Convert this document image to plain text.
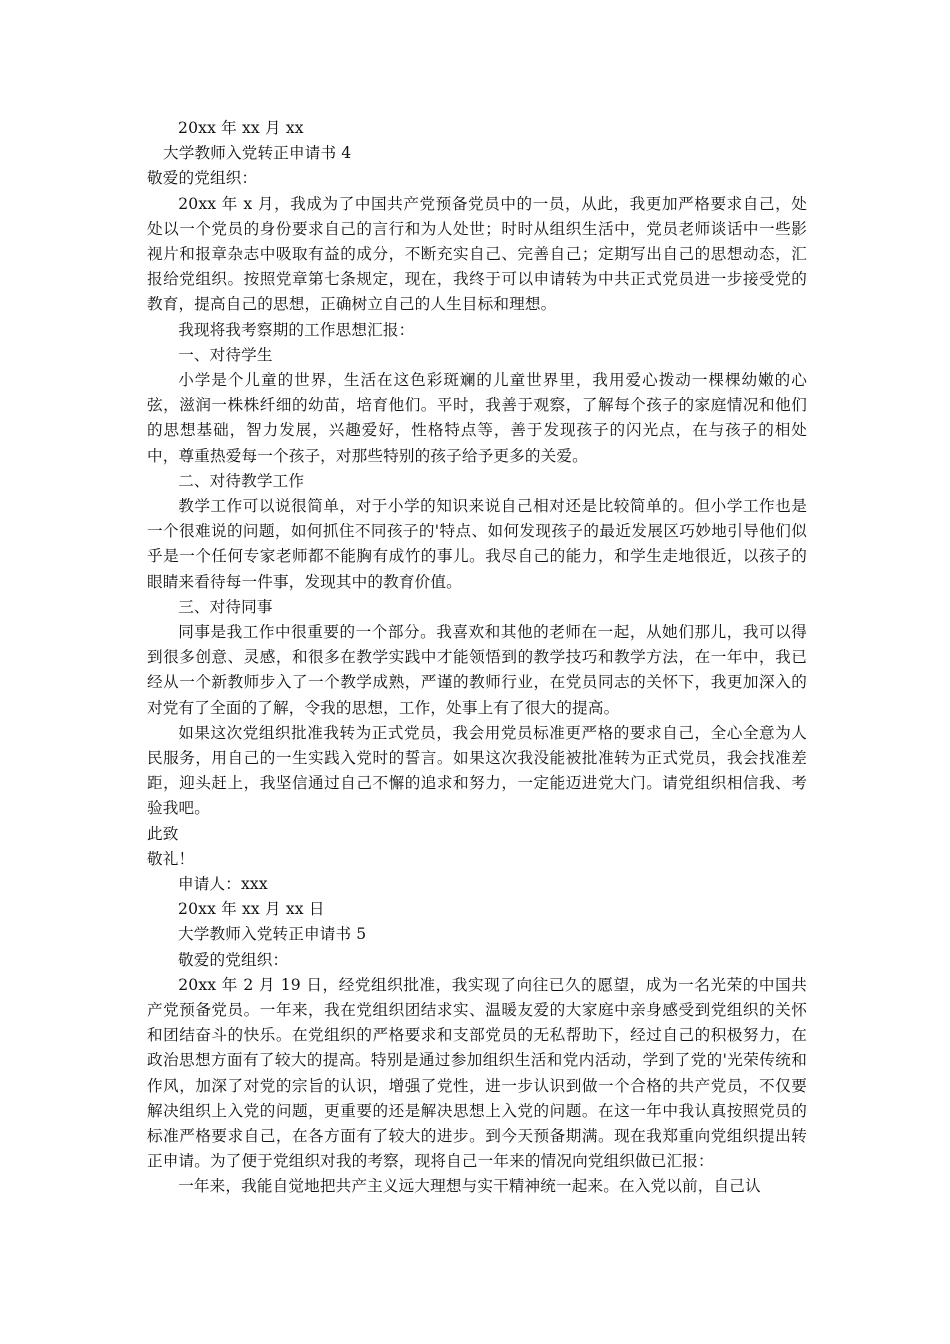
20xx 年 xx 月 xx
大学教师入党转正申请书 4
敬爱的党组织：

20xx 年 x 月，我成为了中国共产党预备党员中的一员，从此，我更加严格要求自己，处处以一个党员的身份要求自己的言行和为人处世；时时从组织生活中，党员老师谈话中一些影视片和报章杂志中吸取有益的成分，不断充实自己、完善自己；定期写出自己的思想动态，汇报给党组织。按照党章第七条规定，现在，我终于可以申请转为中共正式党员进一步接受党的教育，提高自己的思想，正确树立自己的人生目标和理想。

我现将我考察期的工作思想汇报：

一、对待学生

小学是个儿童的世界，生活在这色彩斑斓的儿童世界里，我用爱心拨动一棵棵幼嫩的心弦，滋润一株株纤细的幼苗，培育他们。平时，我善于观察，了解每个孩子的家庭情况和他们的思想基础，智力发展，兴趣爱好，性格特点等，善于发现孩子的闪光点，在与孩子的相处中，尊重热爱每一个孩子，对那些特别的孩子给予更多的关爱。

二、对待教学工作

教学工作可以说很简单，对于小学的知识来说自己相对还是比较简单的。但小学工作也是一个很难说的问题，如何抓住不同孩子的'特点、如何发现孩子的最近发展区巧妙地引导他们似乎是一个任何专家老师都不能胸有成竹的事儿。我尽自己的能力，和学生走地很近，以孩子的眼睛来看待每一件事，发现其中的教育价值。

三、对待同事

同事是我工作中很重要的一个部分。我喜欢和其他的老师在一起，从她们那儿，我可以得到很多创意、灵感，和很多在教学实践中才能领悟到的教学技巧和教学方法，在一年中，我已经从一个新教师步入了一个教学成熟，严谨的教师行业，在党员同志的关怀下，我更加深入的对党有了全面的了解，令我的思想，工作，处事上有了很大的提高。

如果这次党组织批准我转为正式党员，我会用党员标准更严格的要求自己，全心全意为人民服务，用自己的一生实践入党时的誓言。如果这次我没能被批准转为正式党员，我会找准差距，迎头赶上，我坚信通过自己不懈的追求和努力，一定能迈进党大门。请党组织相信我、考验我吧。

此致
敬礼！
申请人：xxx
20xx 年 xx 月 xx 日
大学教师入党转正申请书 5
敬爱的党组织：

20xx 年 2 月 19 日，经党组织批准，我实现了向往已久的愿望，成为一名光荣的中国共产党预备党员。一年来，我在党组织团结求实、温暖友爱的大家庭中亲身感受到党组织的关怀和团结奋斗的快乐。在党组织的严格要求和支部党员的无私帮助下，经过自己的积极努力，在政治思想方面有了较大的提高。特别是通过参加组织生活和党内活动，学到了党的'光荣传统和作风，加深了对党的宗旨的认识，增强了党性，进一步认识到做一个合格的共产党员，不仅要解决组织上入党的问题，更重要的还是解决思想上入党的问题。在这一年中我认真按照党员的标准严格要求自己，在各方面有了较大的进步。到今天预备期满。现在我郑重向党组织提出转正申请。为了便于党组织对我的考察，现将自己一年来的情况向党组织做已汇报：

一年来，我能自觉地把共产主义远大理想与实干精神统一起来。在入党以前，自己认
